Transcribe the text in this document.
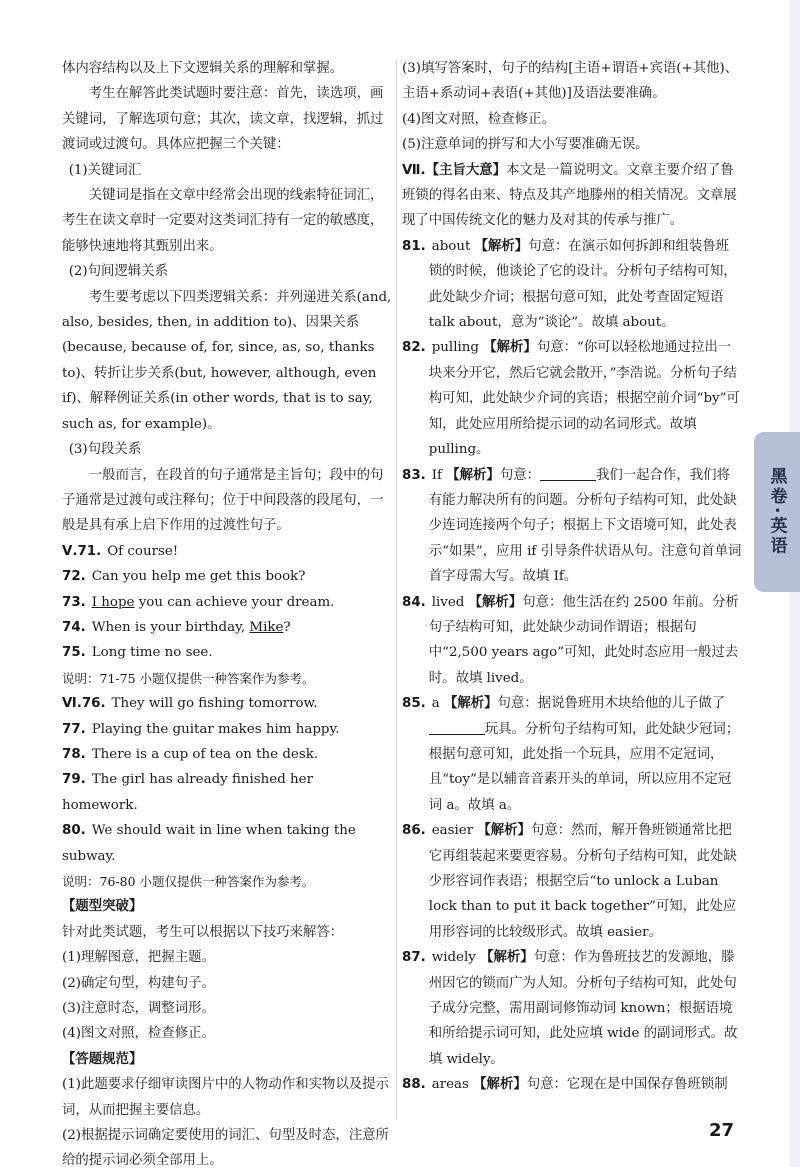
体内容结构以及上下文逻辑关系的理解和掌握。

考生在解答此类试题时要注意：首先，读选项，画关键词，了解选项句意；其次，读文章，找逻辑，抓过渡词或过渡句。具体应把握三个关键：

(1)关键词汇

关键词是指在文章中经常会出现的线索特征词汇，考生在读文章时一定要对这类词汇持有一定的敏感度，能够快速地将其甄别出来。

(2)句间逻辑关系

考生要考虑以下四类逻辑关系：并列递进关系(and, also, besides, then, in addition to)、因果关系(because, because of, for, since, as, so, thanks to)、转折让步关系(but, however, although, even if)、解释例证关系(in other words, that is to say, such as, for example)。

(3)句段关系

一般而言，在段首的句子通常是主旨句；段中的句子通常是过渡句或注释句；位于中间段落的段尾句，一般是具有承上启下作用的过渡性句子。

Ⅴ.71. Of course!

72. Can you help me get this book?

73. I hope you can achieve your dream.

74. When is your birthday, Mike?

75. Long time no see.

说明：71-75 小题仅提供一种答案作为参考。

Ⅵ.76. They will go fishing tomorrow.

77. Playing the guitar makes him happy.

78. There is a cup of tea on the desk.

79. The girl has already finished her homework.

80. We should wait in line when taking the subway.

说明：76-80 小题仅提供一种答案作为参考。

【题型突破】

针对此类试题，考生可以根据以下技巧来解答：

(1)理解图意，把握主题。

(2)确定句型，构建句子。

(3)注意时态，调整词形。

(4)图文对照，检查修正。

【答题规范】

(1)此题要求仔细审读图片中的人物动作和实物以及提示词，从而把握主要信息。

(2)根据提示词确定要使用的词汇、句型及时态，注意所给的提示词必须全部用上。

(3)填写答案时，句子的结构[主语+谓语+宾语(+其他)、主语+系动词+表语(+其他)]及语法要准确。

(4)图文对照，检查修正。

(5)注意单词的拼写和大小写要准确无误。

Ⅶ.【主旨大意】本文是一篇说明文。文章主要介绍了鲁班锁的得名由来、特点及其产地滕州的相关情况。文章展现了中国传统文化的魅力及对其的传承与推广。

81. about 【解析】句意：在演示如何拆卸和组装鲁班锁的时候，他谈论了它的设计。分析句子结构可知，此处缺少介词；根据句意可知，此处考查固定短语 talk about，意为“谈论”。故填 about。

82. pulling 【解析】句意：“你可以轻松地通过拉出一块来分开它，然后它就会散开，”李浩说。分析句子结构可知，此处缺少介词的宾语；根据空前介词“by”可知，此处应用所给提示词的动名词形式。故填 pulling。

83. If 【解析】句意：	我们一起合作，我们将有能力解决所有的问题。分析句子结构可知，此处缺少连词连接两个句子；根据上下文语境可知，此处表示“如果”，应用 if 引导条件状语从句。注意句首单词首字母需大写。故填 If。

84. lived 【解析】句意：他生活在约 2500 年前。分析句子结构可知，此处缺少动词作谓语；根据句中“2,500 years ago”可知，此处时态应用一般过去时。故填 lived。

85. a 【解析】句意：据说鲁班用木块给他的儿子做了玩具。分析句子结构可知，此处缺少冠词；根据句意可知，此处指一个玩具，应用不定冠词，且“toy”是以辅音音素开头的单词，所以应用不定冠词 a。故填 a。

86. easier 【解析】句意：然而，解开鲁班锁通常比把它再组装起来要更容易。分析句子结构可知，此处缺少形容词作表语；根据空后“to unlock a Luban lock than to put it back together”可知，此处应用形容词的比较级形式。故填 easier。

87. widely 【解析】句意：作为鲁班技艺的发源地，滕州因它的锁而广为人知。分析句子结构可知，此处句子成分完整，需用副词修饰动词 known；根据语境和所给提示词可知，此处应填 wide 的副词形式。故填 widely。

88. areas 【解析】句意：它现在是中国保存鲁班锁制

黑卷·英语
27
